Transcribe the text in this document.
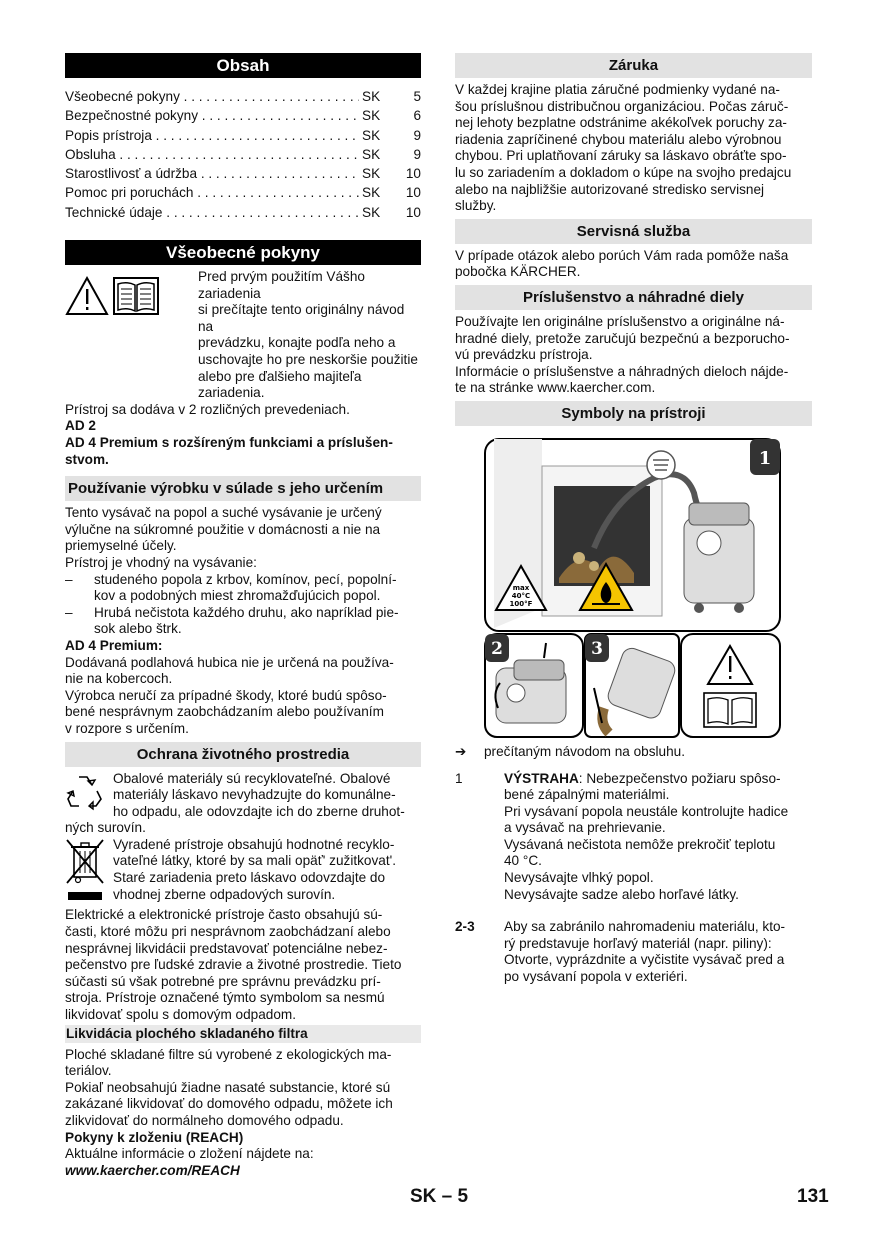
Obsah
Všeobecné pokyny . . .	SK	5
Bezpečnostné pokyny . . .	SK	6
Popis prístroja . . .	SK	9
Obsluha . . .	SK	9
Starostlivosť a údržba . . .	SK	10
Pomoc pri poruchách . . .	SK	10
Technické údaje . . .	SK	10
Všeobecné pokyny

Pred prvým použitím Vášho zariadenia

si prečítajte tento originálny návod na

prevádzku, konajte podľa neho a

uschovajte ho pre neskoršie použitie

alebo pre ďalšieho majiteľa zariadenia.

Prístroj sa dodáva v 2 rozličných prevedeniach.

AD 2

AD 4 Premium s rozšíreným funkciami a príslušen-

stvom.

Používanie výrobku v súlade s jeho určením

Tento vysávač na popol a suché vysávanie je určený

výlučne na súkromné použitie v domácnosti a nie na

priemyselné účely.

Prístroj je vhodný na vysávanie:

–	studeného popola z krbov, komínov, pecí, popolní-

kov a podobných miest zhromažďujúcich popol.

–	Hrubá nečistota každého druhu, ako napríklad pie-

sok alebo štrk.

AD 4 Premium:

Dodávaná podlahová hubica nie je určená na používa-

nie na kobercoch.

Výrobca neručí za prípadné škody, ktoré budú spôso-

bené nesprávnym zaobchádzaním alebo používaním

v rozpore s určením.

Ochrana životného prostredia

Obalové materiály sú recyklovateľné. Obalové

materiály láskavo nevyhadzujte do komunálne-

ho odpadu, ale odovzdajte ich do zberne druhot-

ných surovín.

Vyradené prístroje obsahujú hodnotné recyklo-

vateľné látky, ktoré by sa mali opäť' zužitkovat'.

Staré zariadenia preto láskavo odovzdajte do

vhodnej zberne odpadových surovín.

Elektrické a elektronické prístroje často obsahujú sú-

časti, ktoré môžu pri nesprávnom zaobchádzaní alebo

nesprávnej likvidácii predstavovať potenciálne nebez-

pečenstvo pre ľudské zdravie a životné prostredie. Tieto

súčasti sú však potrebné pre správnu prevádzku prí-

stroja. Prístroje označené týmto symbolom sa nesmú

likvidovať spolu s domovým odpadom.

Likvidácia plochého skladaného filtra

Ploché skladané filtre sú vyrobené z ekologických ma-

teriálov.

Pokiaľ neobsahujú žiadne nasaté substancie, ktoré sú

zakázané likvidovať do domového odpadu, môžete ich

zlikvidovať do normálneho domového odpadu.

Pokyny k zloženiu (REACH)

Aktuálne informácie o zložení nájdete na:

www.kaercher.com/REACH

Záruka

V každej krajine platia záručné podmienky vydané na-

šou príslušnou distribučnou organizáciou. Počas záruč-

nej lehoty bezplatne odstránime akékoľvek poruchy za-

riadenia zapríčinené chybou materiálu alebo výrobnou

chybou. Pri uplatňovaní záruky sa láskavo obráťte spo-

lu so zariadením a dokladom o kúpe na svojho predajcu

alebo na najbližšie autorizované stredisko servisnej

služby.

Servisná služba

V prípade otázok alebo porúch Vám rada pomôže naša

pobočka KÄRCHER.

Príslušenstvo a náhradné diely

Používajte len originálne príslušenstvo a originálne ná-

hradné diely, pretože zaručujú bezpečnú a bezporucho-

vú prevádzku prístroja.

Informácie o príslušenstve a náhradných dieloch nájde-

te na stránke www.kaercher.com.

Symboly na prístroji
1
max
40°C
100°F
2	3
➔	prečítaným návodom na obsluhu.

1	VÝSTRAHA: Nebezpečenstvo požiaru spôso-

bené zápalnými materiálmi.

Pri vysávaní popola neustále kontrolujte hadice

a vysávač na prehrievanie.

Vysávaná nečistota nemôže prekročiť teplotu

40 °C.

Nevysávajte vlhký popol.

Nevysávajte sadze alebo horľavé látky.

2-3	Aby sa zabránilo nahromadeniu materiálu, kto-

rý predstavuje horľavý materiál (napr. piliny):

Otvorte, vyprázdnite a vyčistite vysávač pred a

po vysávaní popola v exteriéri.

SK – 5	131
